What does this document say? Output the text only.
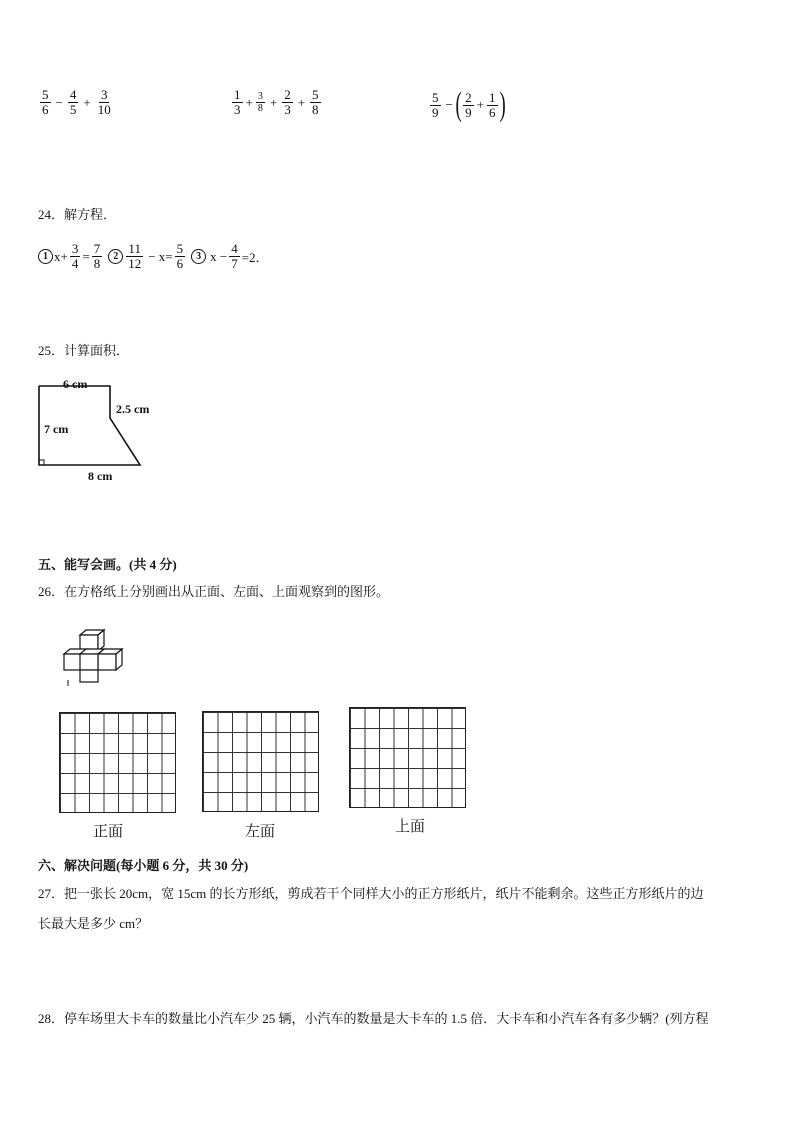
$\frac{5}{6} - \frac{4}{5} + \frac{3}{10}$	$\frac{1}{3} + \frac{3}{8} + \frac{2}{3} + \frac{5}{8}$	$\frac{5}{9}$ − ( $\frac{2}{9} + \frac{1}{6}$ )
24．解方程．
1 $x+ \frac{3}{4} = \frac{7}{8}$	$2 \frac{11}{12} - x= \frac{5}{6}$	3 $x - \frac{4}{7} =2$．
25．计算面积．
6 cm
2.5 cm
7 cm
8 cm
五、能写会画。(共 4 分)
26．在方格纸上分别画出从正面、左面、上面观察到的图形。
正面	左面	上面
六、解决问题(每小题 6 分，共 30 分)
27．把一张长 20cm，宽 15cm 的长方形纸，剪成若干个同样大小的正方形纸片，纸片不能剩余。这些正方形纸片的边
长最大是多少 cm？
28．停车场里大卡车的数量比小汽车少 25 辆，小汽车的数量是大卡车的 1.5 倍．大卡车和小汽车各有多少辆？(列方程
